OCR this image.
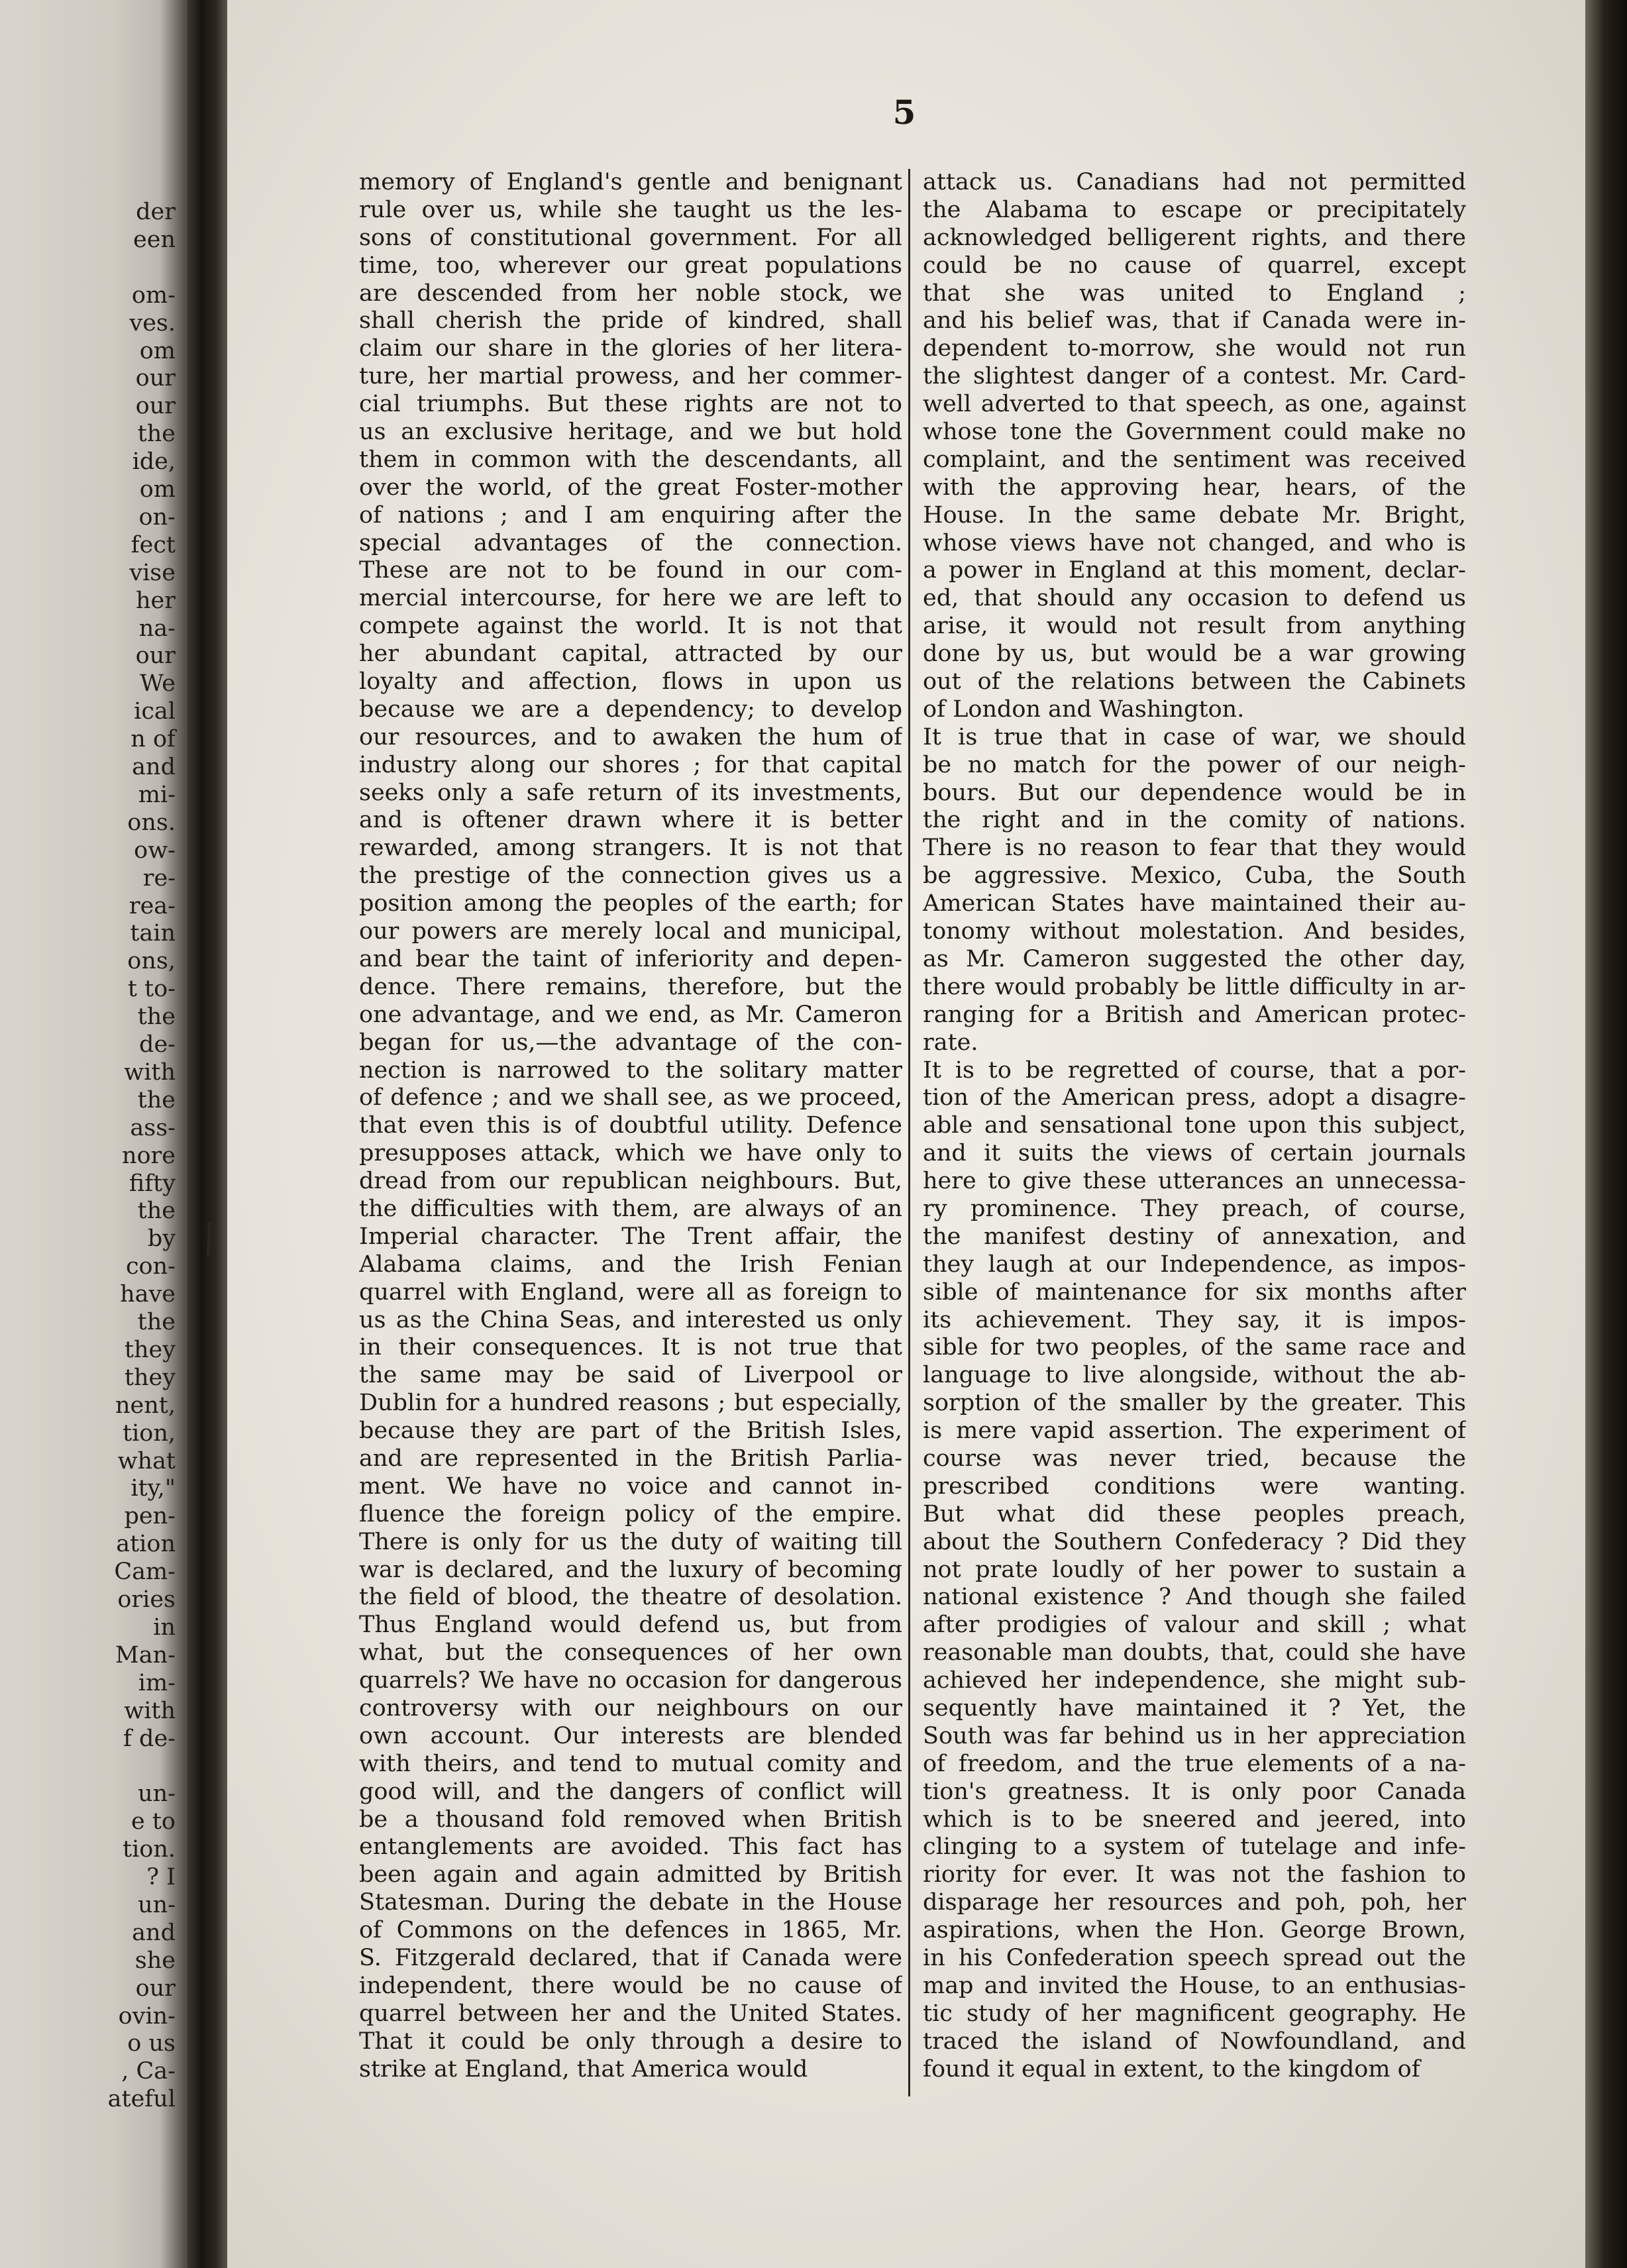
der
een
om-
ves.
om
our
our
the
ide,
om
on-
fect
vise
her
na-
our
We
ical
n of
and
mi-
ons.
ow-
re-
rea-
tain
ons,
t to-
the
de-
with
the
ass-
nore
fifty
the
by
con-
have
the
they
they
nent,
tion,
what
ity,"
pen-
ation
Cam-
ories
in
Man-
im-
with
f de-
un-
e to
tion.
? I
un-
and
she
our
ovin-
o us
, Ca-
ateful
5
/
memory of England's gentle and benignant
rule over us, while she taught us the les-
sons of constitutional government. For all
time, too, wherever our great populations
are descended from her noble stock, we
shall cherish the pride of kindred, shall
claim our share in the glories of her litera-
ture, her martial prowess, and her commer-
cial triumphs. But these rights are not to
us an exclusive heritage, and we but hold
them in common with the descendants, all
over the world, of the great Foster-mother
of nations ; and I am enquiring after the
special advantages of the connection.
These are not to be found in our com-
mercial intercourse, for here we are left to
compete against the world. It is not that
her abundant capital, attracted by our
loyalty and affection, flows in upon us
because we are a dependency; to develop
our resources, and to awaken the hum of
industry along our shores ; for that capital
seeks only a safe return of its investments,
and is oftener drawn where it is better
rewarded, among strangers. It is not that
the prestige of the connection gives us a
position among the peoples of the earth; for
our powers are merely local and municipal,
and bear the taint of inferiority and depen-
dence. There remains, therefore, but the
one advantage, and we end, as Mr. Cameron
began for us,—the advantage of the con-
nection is narrowed to the solitary matter
of defence ; and we shall see, as we proceed,
that even this is of doubtful utility. Defence
presupposes attack, which we have only to
dread from our republican neighbours. But,
the difficulties with them, are always of an
Imperial character. The Trent affair, the
Alabama claims, and the Irish Fenian
quarrel with England, were all as foreign to
us as the China Seas, and interested us only
in their consequences. It is not true that
the same may be said of Liverpool or
Dublin for a hundred reasons ; but especially,
because they are part of the British Isles,
and are represented in the British Parlia-
ment. We have no voice and cannot in-
fluence the foreign policy of the empire.
There is only for us the duty of waiting till
war is declared, and the luxury of becoming
the field of blood, the theatre of desolation.
Thus England would defend us, but from
what, but the consequences of her own
quarrels? We have no occasion for dangerous
controversy with our neighbours on our
own account. Our interests are blended
with theirs, and tend to mutual comity and
good will, and the dangers of conflict will
be a thousand fold removed when British
entanglements are avoided. This fact has
been again and again admitted by British
Statesman. During the debate in the House
of Commons on the defences in 1865, Mr.
S. Fitzgerald declared, that if Canada were
independent, there would be no cause of
quarrel between her and the United States.
That it could be only through a desire to
strike at England, that America would
attack us. Canadians had not permitted
the Alabama to escape or precipitately
acknowledged belligerent rights, and there
could be no cause of quarrel, except
that she was united to England ;
and his belief was, that if Canada were in-
dependent to-morrow, she would not run
the slightest danger of a contest. Mr. Card-
well adverted to that speech, as one, against
whose tone the Government could make no
complaint, and the sentiment was received
with the approving hear, hears, of the
House. In the same debate Mr. Bright,
whose views have not changed, and who is
a power in England at this moment, declar-
ed, that should any occasion to defend us
arise, it would not result from anything
done by us, but would be a war growing
out of the relations between the Cabinets
of London and Washington.
It is true that in case of war, we should
be no match for the power of our neigh-
bours. But our dependence would be in
the right and in the comity of nations.
There is no reason to fear that they would
be aggressive. Mexico, Cuba, the South
American States have maintained their au-
tonomy without molestation. And besides,
as Mr. Cameron suggested the other day,
there would probably be little difficulty in ar-
ranging for a British and American protec-
rate.
It is to be regretted of course, that a por-
tion of the American press, adopt a disagre-
able and sensational tone upon this subject,
and it suits the views of certain journals
here to give these utterances an unnecessa-
ry prominence. They preach, of course,
the manifest destiny of annexation, and
they laugh at our Independence, as impos-
sible of maintenance for six months after
its achievement. They say, it is impos-
sible for two peoples, of the same race and
language to live alongside, without the ab-
sorption of the smaller by the greater. This
is mere vapid assertion. The experiment of
course was never tried, because the
prescribed conditions were wanting.
But what did these peoples preach,
about the Southern Confederacy ? Did they
not prate loudly of her power to sustain a
national existence ? And though she failed
after prodigies of valour and skill ; what
reasonable man doubts, that, could she have
achieved her independence, she might sub-
sequently have maintained it ? Yet, the
South was far behind us in her appreciation
of freedom, and the true elements of a na-
tion's greatness. It is only poor Canada
which is to be sneered and jeered, into
clinging to a system of tutelage and infe-
riority for ever. It was not the fashion to
disparage her resources and poh, poh, her
aspirations, when the Hon. George Brown,
in his Confederation speech spread out the
map and invited the House, to an enthusias-
tic study of her magnificent geography. He
traced the island of Nowfoundland, and
found it equal in extent, to the kingdom of
